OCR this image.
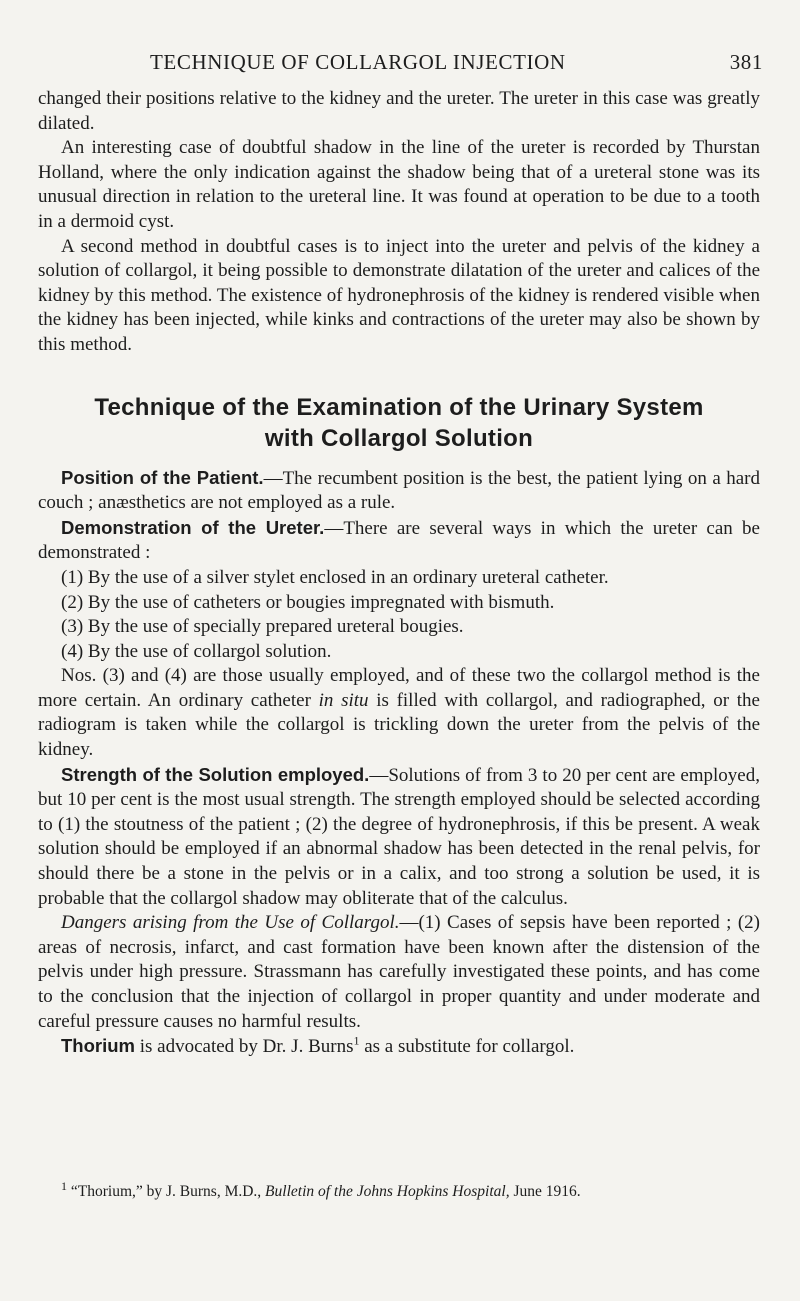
TECHNIQUE OF COLLARGOL INJECTION	381

changed their positions relative to the kidney and the ureter. The ureter in this case was greatly dilated.

An interesting case of doubtful shadow in the line of the ureter is recorded by Thurstan Holland, where the only indication against the shadow being that of a ureteral stone was its unusual direction in relation to the ureteral line. It was found at operation to be due to a tooth in a dermoid cyst.

A second method in doubtful cases is to inject into the ureter and pelvis of the kidney a solution of collargol, it being possible to demonstrate dilatation of the ureter and calices of the kidney by this method. The existence of hydronephrosis of the kidney is rendered visible when the kidney has been injected, while kinks and contractions of the ureter may also be shown by this method.

Technique of the Examination of the Urinary System
with Collargol Solution

Position of the Patient.—The recumbent position is the best, the patient lying on a hard couch ; anæsthetics are not employed as a rule.

Demonstration of the Ureter.—There are several ways in which the ureter can be demonstrated :

(1) By the use of a silver stylet enclosed in an ordinary ureteral catheter.

(2) By the use of catheters or bougies impregnated with bismuth.

(3) By the use of specially prepared ureteral bougies.

(4) By the use of collargol solution.

Nos. (3) and (4) are those usually employed, and of these two the collargol method is the more certain. An ordinary catheter in situ is filled with collargol, and radiographed, or the radiogram is taken while the collargol is trickling down the ureter from the pelvis of the kidney.

Strength of the Solution employed.—Solutions of from 3 to 20 per cent are employed, but 10 per cent is the most usual strength. The strength employed should be selected according to (1) the stoutness of the patient ; (2) the degree of hydronephrosis, if this be present. A weak solution should be employed if an abnormal shadow has been detected in the renal pelvis, for should there be a stone in the pelvis or in a calix, and too strong a solution be used, it is probable that the collargol shadow may obliterate that of the calculus.

Dangers arising from the Use of Collargol.—(1) Cases of sepsis have been reported ; (2) areas of necrosis, infarct, and cast formation have been known after the distension of the pelvis under high pressure. Strassmann has carefully investigated these points, and has come to the conclusion that the injection of collargol in proper quantity and under moderate and careful pressure causes no harmful results.

Thorium is advocated by Dr. J. Burns$^1$ as a substitute for collargol.

$^1$ “Thorium,” by J. Burns, M.D., Bulletin of the Johns Hopkins Hospital, June 1916.
